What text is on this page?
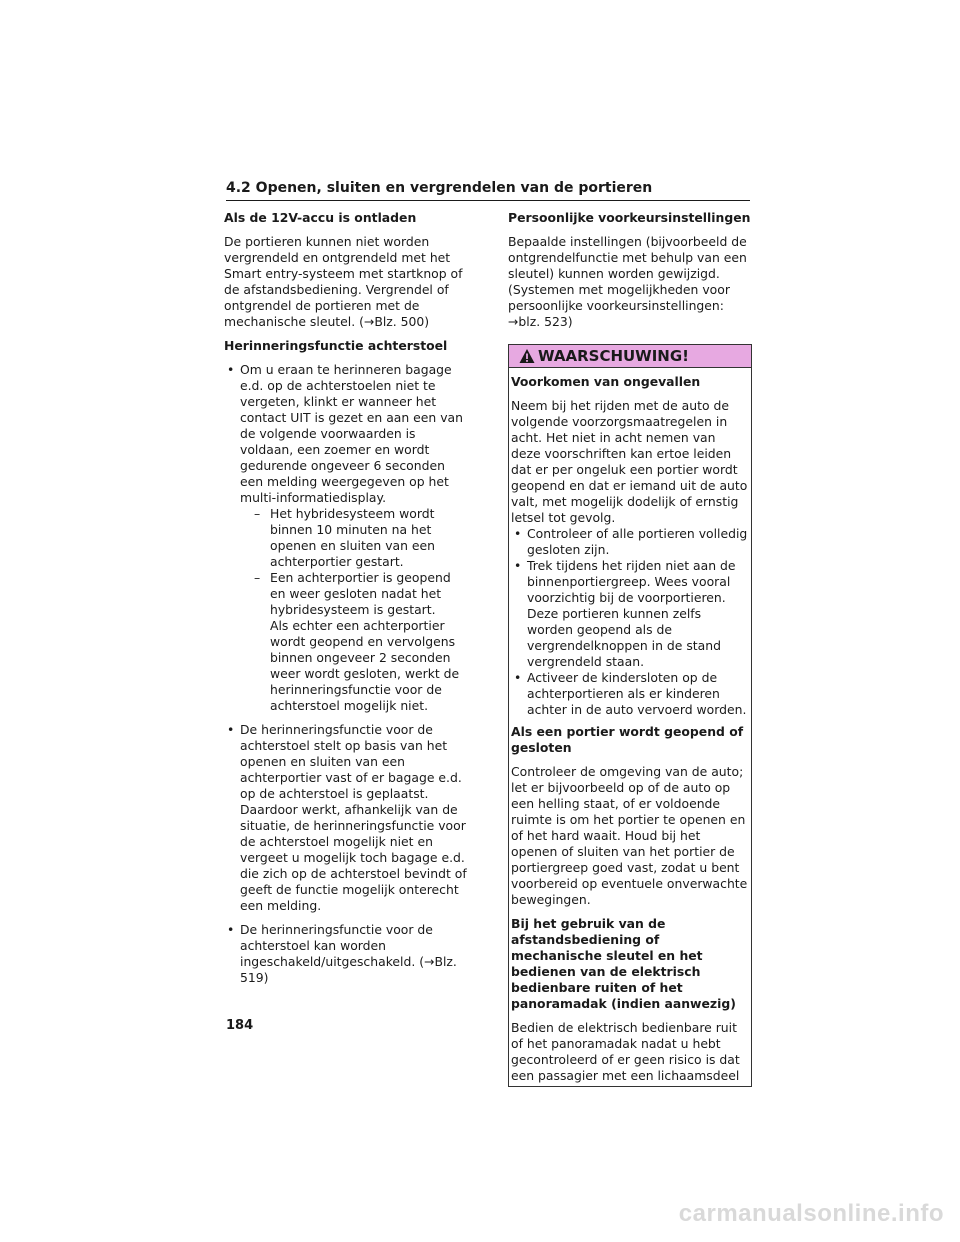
4.2 Openen, sluiten en vergrendelen van de portieren
Als de 12V-accu is ontladen
De portieren kunnen niet worden vergrendeld en ontgrendeld met het Smart entry-systeem met startknop of de afstandsbediening. Vergrendel of ontgrendel de portieren met de mechanische sleutel. (→Blz. 500)
Herinneringsfunctie achterstoel
• Om u eraan te herinneren bagage e.d. op de achterstoelen niet te vergeten, klinkt er wanneer het contact UIT is gezet en aan een van de volgende voorwaarden is voldaan, een zoemer en wordt gedurende ongeveer 6 seconden een melding weergegeven op het multi-informatiedisplay.
– Het hybridesysteem wordt binnen 10 minuten na het openen en sluiten van een achterportier gestart.
– Een achterportier is geopend en weer gesloten nadat het hybridesysteem is gestart.
Als echter een achterportier wordt geopend en vervolgens binnen ongeveer 2 seconden weer wordt gesloten, werkt de herinneringsfunctie voor de achterstoel mogelijk niet.
• De herinneringsfunctie voor de achterstoel stelt op basis van het openen en sluiten van een achterportier vast of er bagage e.d. op de achterstoel is geplaatst. Daardoor werkt, afhankelijk van de situatie, de herinneringsfunctie voor de achterstoel mogelijk niet en vergeet u mogelijk toch bagage e.d. die zich op de achterstoel bevindt of geeft de functie mogelijk onterecht een melding.
• De herinneringsfunctie voor de achterstoel kan worden ingeschakeld/uitgeschakeld. (→Blz. 519)
Persoonlijke voorkeursinstellingen
Bepaalde instellingen (bijvoorbeeld de ontgrendelfunctie met behulp van een sleutel) kunnen worden gewijzigd. (Systemen met mogelijkheden voor persoonlijke voorkeursinstellingen: →blz. 523)
WAARSCHUWING!
Voorkomen van ongevallen
Neem bij het rijden met de auto de volgende voorzorgsmaatregelen in acht. Het niet in acht nemen van deze voorschriften kan ertoe leiden dat er per ongeluk een portier wordt geopend en dat er iemand uit de auto valt, met mogelijk dodelijk of ernstig letsel tot gevolg.
• Controleer of alle portieren volledig gesloten zijn.
• Trek tijdens het rijden niet aan de binnenportiergreep. Wees vooral voorzichtig bij de voorportieren. Deze portieren kunnen zelfs worden geopend als de vergrendelknoppen in de stand vergrendeld staan.
• Activeer de kindersloten op de achterportieren als er kinderen achter in de auto vervoerd worden.
Als een portier wordt geopend of gesloten
Controleer de omgeving van de auto; let er bijvoorbeeld op of de auto op een helling staat, of er voldoende ruimte is om het portier te openen en of het hard waait. Houd bij het openen of sluiten van het portier de portiergreep goed vast, zodat u bent voorbereid op eventuele onverwachte bewegingen.
Bij het gebruik van de afstandsbediening of mechanische sleutel en het bedienen van de elektrisch bedienbare ruiten of het panoramadak (indien aanwezig)
Bedien de elektrisch bedienbare ruit of het panoramadak nadat u hebt gecontroleerd of er geen risico is dat een passagier met een lichaamsdeel
184
carmanualsonline.info
